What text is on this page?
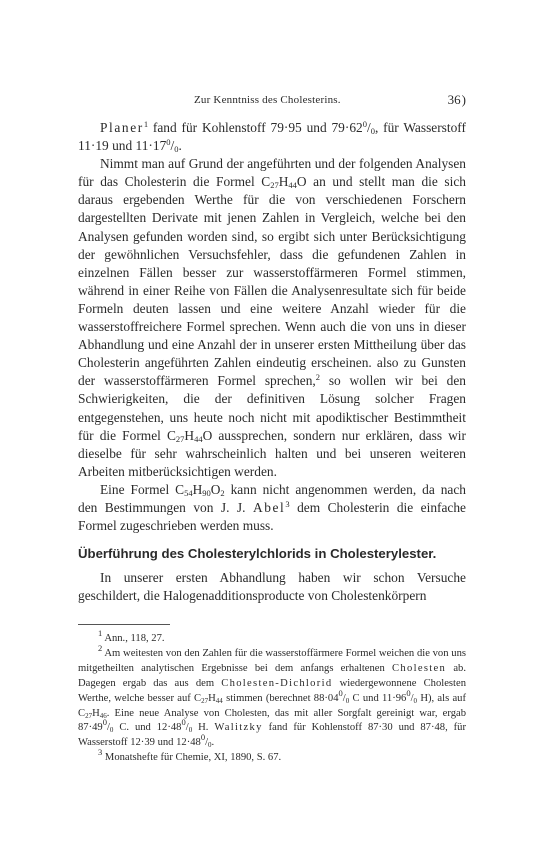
Zur Kenntniss des Cholesterins.	36 )

Planer$^1$ fand für Kohlenstoff 79·95 und $79\cdot 62^0/_0$, für Wasserstoff 11·19 und $11\cdot 17^0/_0$.

Nimmt man auf Grund der angeführten und der folgenden Analysen für das Cholesterin die Formel $C_{27}H_{44}O$ an und stellt man die sich daraus ergebenden Werthe für die von verschiedenen Forschern dargestellten Derivate mit jenen Zahlen in Vergleich, welche bei den Analysen gefunden worden sind, so ergibt sich unter Berücksichtigung der gewöhnlichen Versuchsfehler, dass die gefundenen Zahlen in einzelnen Fällen besser zur wasserstoffärmeren Formel stimmen, während in einer Reihe von Fällen die Analysenresultate sich für beide Formeln deuten lassen und eine weitere Anzahl wieder für die wasserstoffreichere Formel sprechen. Wenn auch die von uns in dieser Abhandlung und eine Anzahl der in unserer ersten Mittheilung über das Cholesterin angeführten Zahlen eindeutig erscheinen. also zu Gunsten der wasserstoffärmeren Formel sprechen,$^2$ so wollen wir bei den Schwierigkeiten, die der definitiven Lösung solcher Fragen entgegenstehen, uns heute noch nicht mit apodiktischer Bestimmtheit für die Formel $C_{27}H_{44}O$ aussprechen, sondern nur erklären, dass wir dieselbe für sehr wahrscheinlich halten und bei unseren weiteren Arbeiten mitberücksichtigen werden.

Eine Formel $C_{54}H_{90}O_2$ kann nicht angenommen werden, da nach den Bestimmungen von J. J. Abel$^3$ dem Cholesterin die einfache Formel zugeschrieben werden muss.

Überführung des Cholesterylchlorids in Cholesterylester.

In unserer ersten Abhandlung haben wir schon Versuche geschildert, die Halogenadditionsproducte von Cholestenkörpern

$^1$ Ann., 118, 27.

$^2$ Am weitesten von den Zahlen für die wasserstoffärmere Formel weichen die von uns mitgetheilten analytischen Ergebnisse bei dem anfangs erhaltenen Cholesten ab. Dagegen ergab das aus dem Cholesten-Dichlorid wiedergewonnene Cholesten Werthe, welche besser auf $C_{27}H_{44}$ stimmen (berechnet $88\cdot 04^0/_0$ C und $11\cdot 96^0/_0$ H), als auf $C_{27}H_{46}$. Eine neue Analyse von Cholesten, das mit aller Sorgfalt gereinigt war, ergab $87\cdot 49^0/_0$ C. und $12\cdot 48^0/_0$ H. Walitzky fand für Kohlenstoff 87·30 und 87·48, für Wasserstoff 12·39 und $12\cdot 48^0/_0$.

$^3$ Monatshefte für Chemie, XI, 1890, S. 67.
